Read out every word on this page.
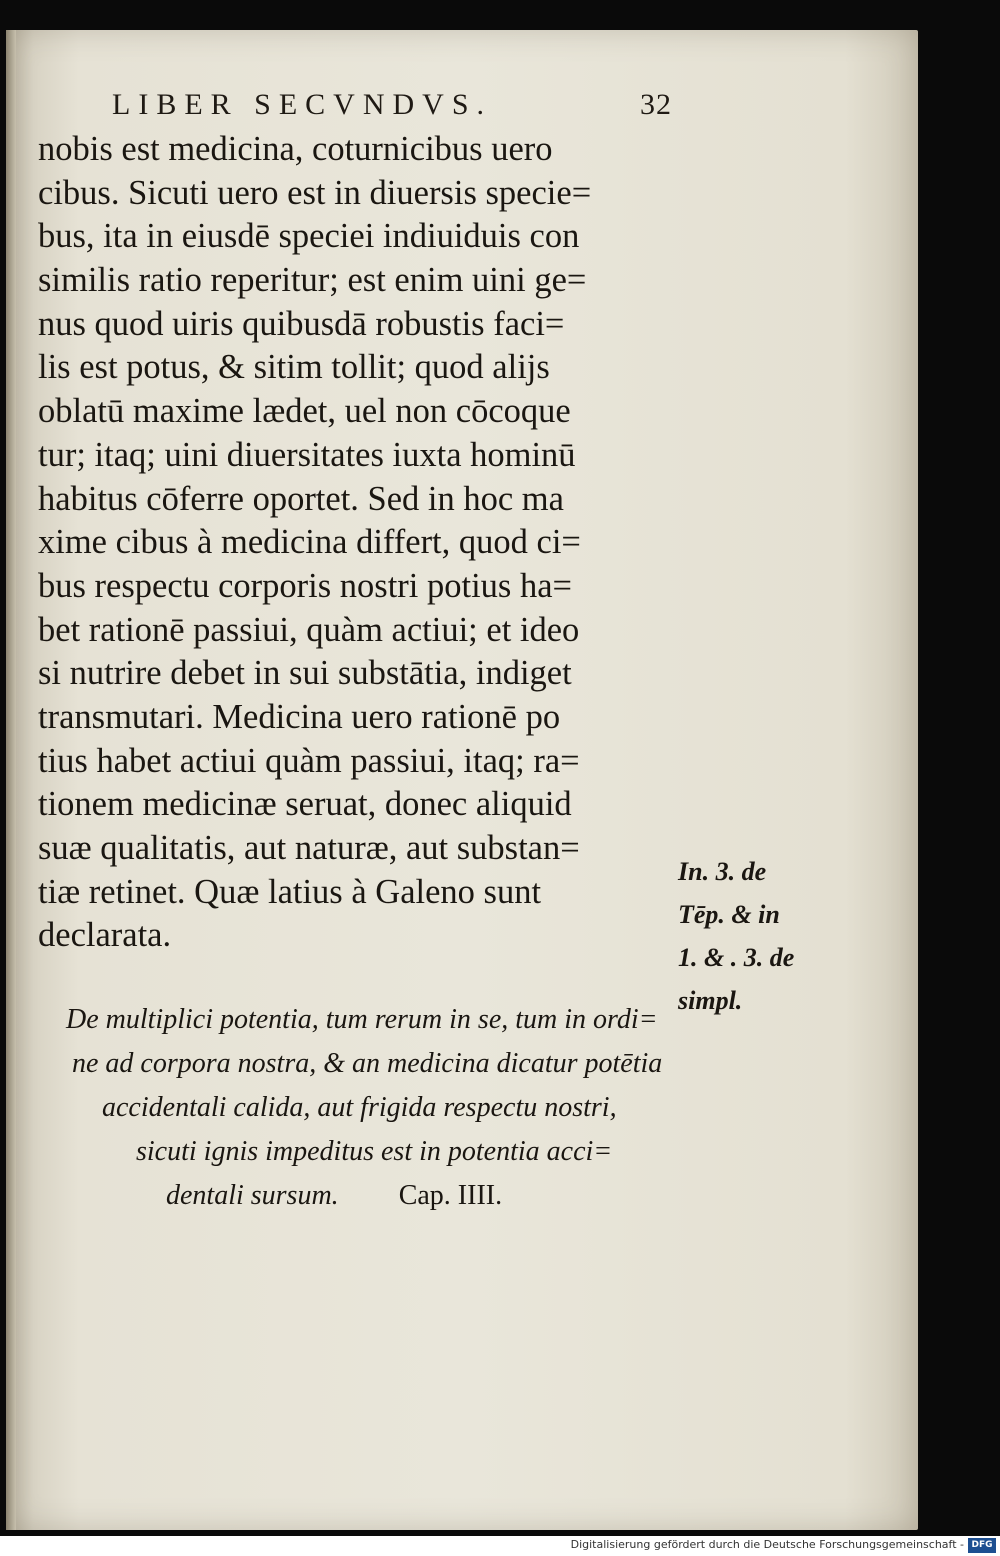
LIBER SECVNDVS.	32
nobis est medicina, coturnicibus uero
cibus. Sicuti uero est in diuersis specie=
bus, ita in eiusdē speciei indiuiduis con
similis ratio reperitur; est enim uini ge=
nus quod uiris quibusdā robustis faci=
lis est potus, & sitim tollit; quod alijs
oblatū maxime lædet, uel non cōcoque
tur; itaq; uini diuersitates iuxta hominū
habitus cōferre oportet. Sed in hoc ma
xime cibus à medicina differt, quod ci=
bus respectu corporis nostri potius ha=
bet rationē passiui, quàm actiui; et ideo
si nutrire debet in sui substātia, indiget
transmutari. Medicina uero rationē po
tius habet actiui quàm passiui, itaq; ra=
tionem medicinæ seruat, donec aliquid
suæ qualitatis, aut naturæ, aut substan=
tiæ retinet. Quæ latius à Galeno sunt
declarata.
In. 3. de
Tēp. & in
1. & . 3. de
simpl.
De multiplici potentia, tum rerum in se, tum in ordi=
ne ad corpora nostra, & an medicina dicatur potētia
accidentali calida, aut frigida respectu nostri,
sicuti ignis impeditus est in potentia acci=
dentali sursum. Cap. IIII.
Digitalisierung gefördert durch die Deutsche Forschungsgemeinschaft - DFG
